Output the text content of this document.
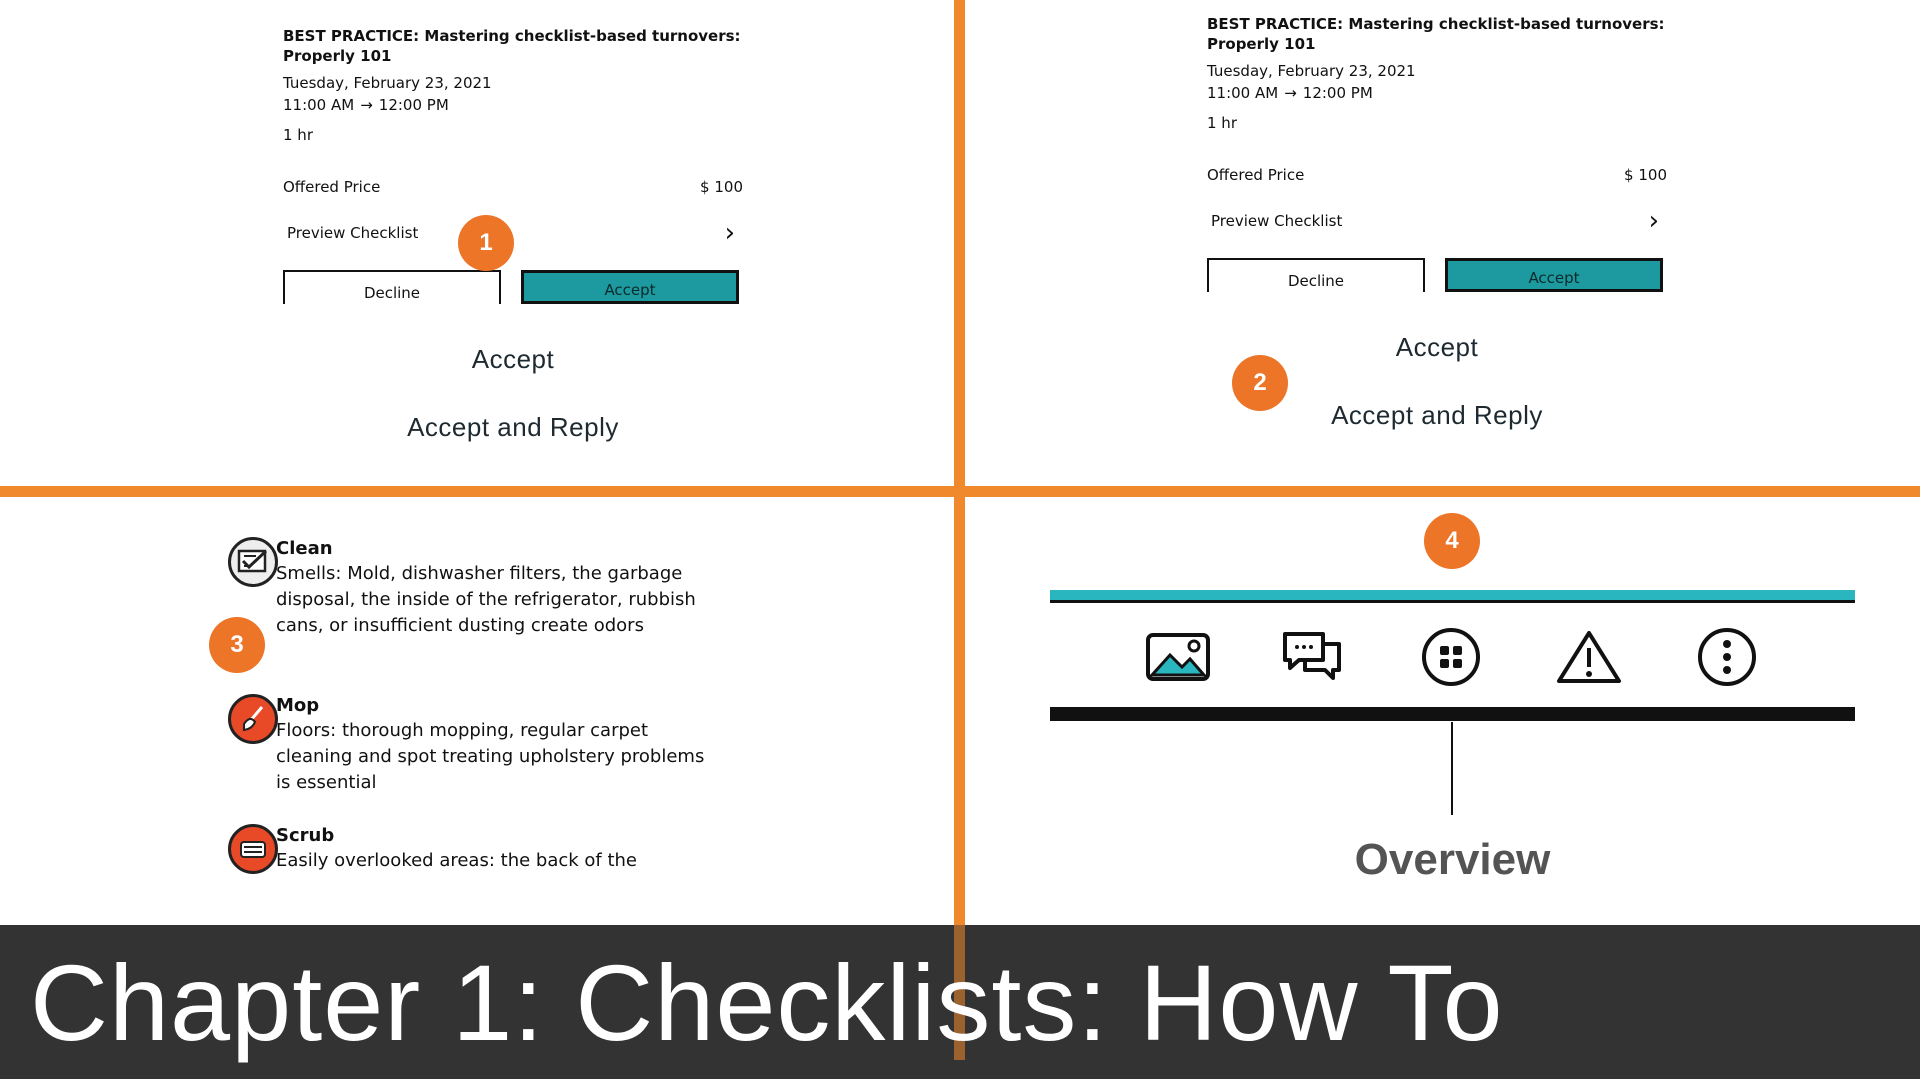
BEST PRACTICE: Mastering checklist-based turnovers: Properly 101
Tuesday, February 23, 2021
11:00 AM → 12:00 PM
1 hr
Offered Price	$ 100
Preview Checklist	›
Decline	Accept
Accept
Accept and Reply
1
BEST PRACTICE: Mastering checklist-based turnovers: Properly 101
Tuesday, February 23, 2021
11:00 AM → 12:00 PM
1 hr
Offered Price	$ 100
Preview Checklist	›
Decline	Accept
Accept
Accept and Reply
2
3
Clean
Smells: Mold, dishwasher filters, the garbage disposal, the inside of the refrigerator, rubbish cans, or insufficient dusting create odors
Mop
Floors: thorough mopping, regular carpet cleaning and spot treating upholstery problems is essential
Scrub
Easily overlooked areas: the back of the
4
Overview
Chapter 1: Checklists: How To
